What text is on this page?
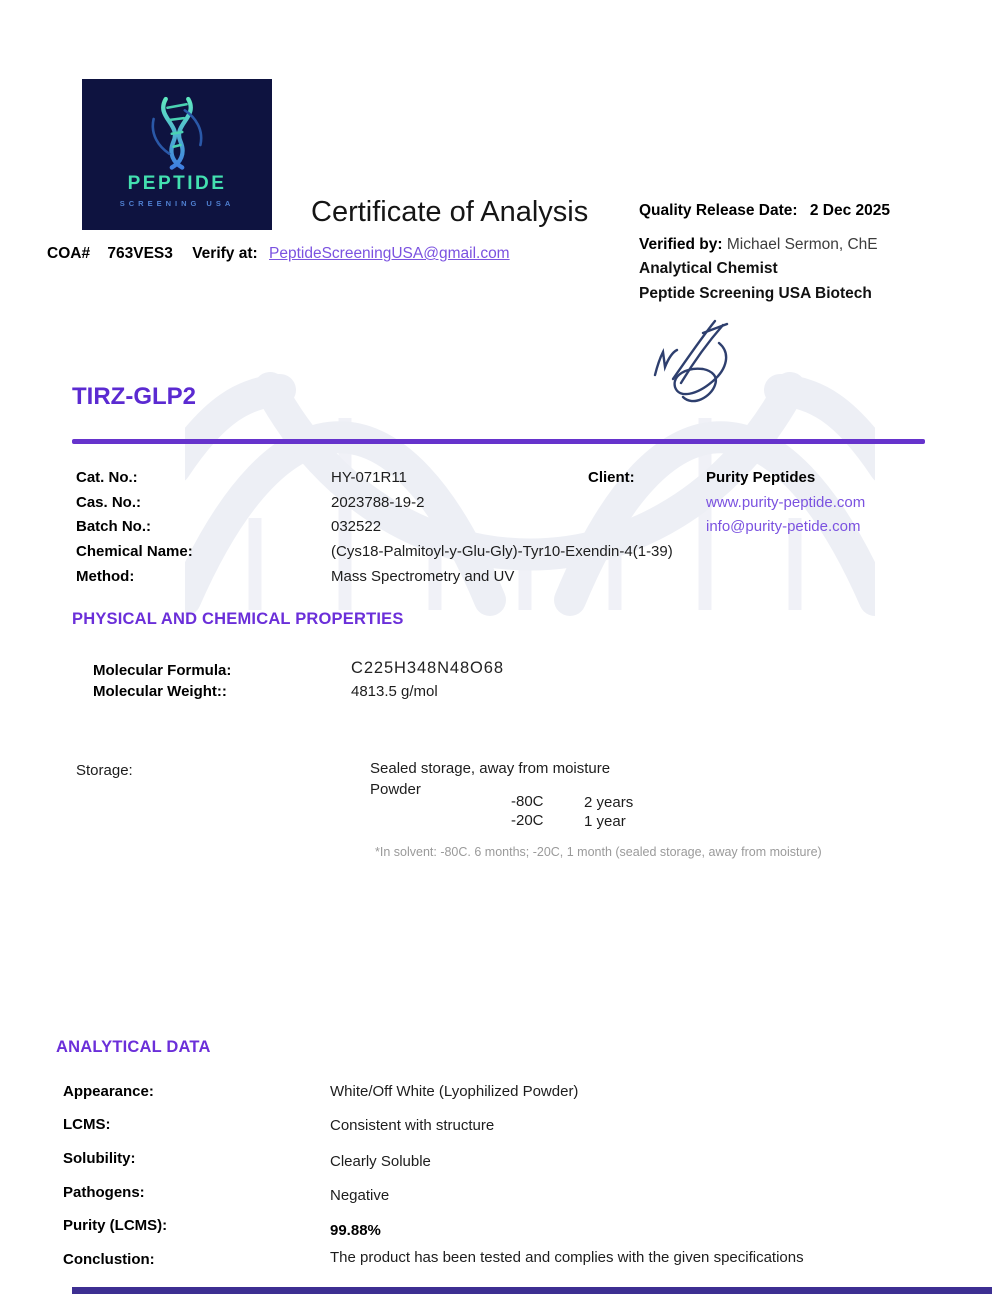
PEPTIDE
SCREENING USA	Certificate of Analysis	Quality Release Date: 2 Dec 2025
Verified by: Michael Sermon, ChE
Analytical Chemist
Peptide Screening USA Biotech
COA# 763VES3 Verify at: PeptideScreeningUSA@gmail.com
TIRZ-GLP2
Cat. No.:	HY-071R11
Cas. No.:	2023788-19-2
Batch No.:	032522
Chemical Name:	(Cys18-Palmitoyl-y-Glu-Gly)-Tyr10-Exendin-4(1-39)
Method:	Mass Spectrometry and UV
Client:	Purity Peptides
www.purity-peptide.com
info@purity-petide.com
PHYSICAL AND CHEMICAL PROPERTIES
Molecular Formula:	C225H348N48O68
Molecular Weight::	4813.5 g/mol
Storage:	Sealed storage, away from moisture
Powder
-80C	2 years
-20C	1 year
*In solvent: -80C. 6 months; -20C, 1 month (sealed storage, away from moisture)
ANALYTICAL DATA
Appearance:	White/Off White (Lyophilized Powder)
LCMS:	Consistent with structure
Solubility:	Clearly Soluble
Pathogens:	Negative
Purity (LCMS):	99.88%
Conclustion:	The product has been tested and complies with the given specifications
